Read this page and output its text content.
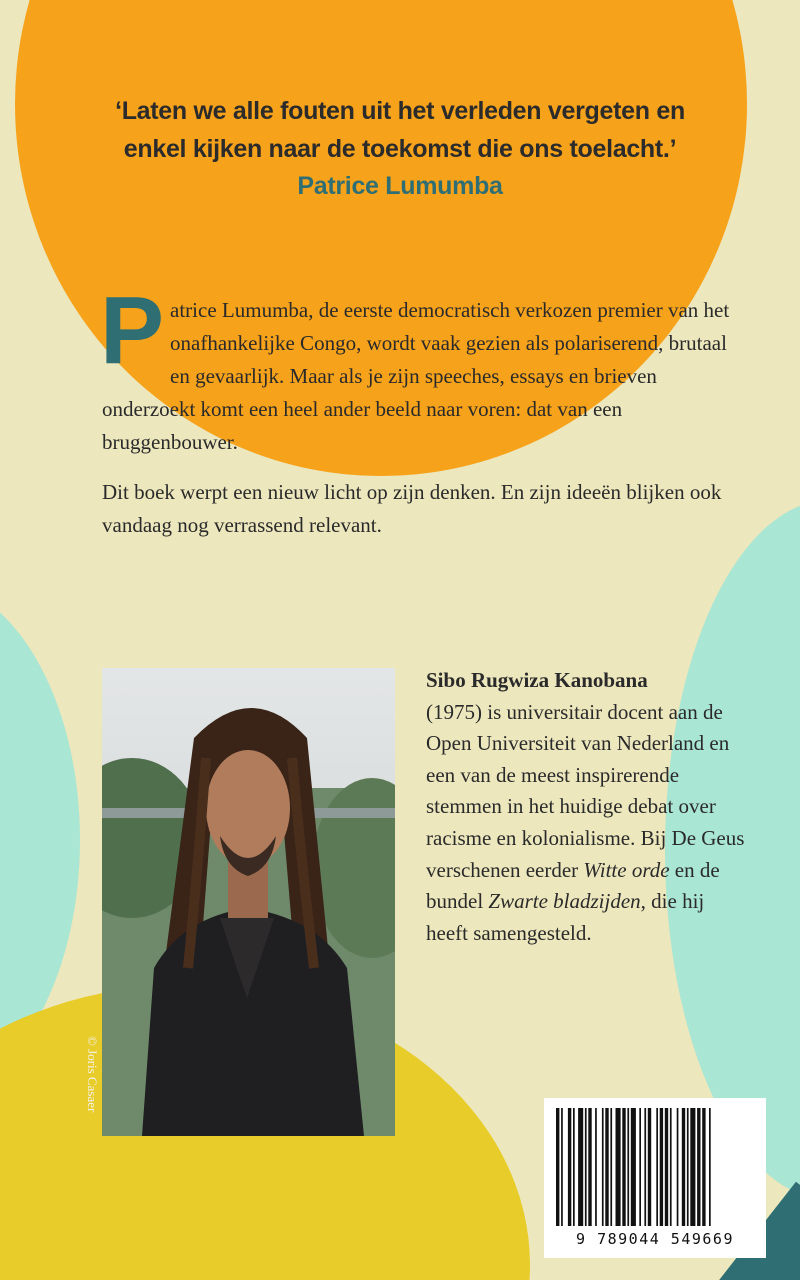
‘Laten we alle fouten uit het verleden vergeten en
enkel kijken naar de toekomst die ons toelacht.’
Patrice Lumumba

Patrice Lumumba, de eerste democratisch verkozen premier van het onafhankelijke Congo, wordt vaak gezien als polariserend, brutaal en gevaarlijk. Maar als je zijn speeches, essays en brieven onderzoekt komt een heel ander beeld naar voren: dat van een bruggenbouwer.

Dit boek werpt een nieuw licht op zijn denken. En zijn ideeën blijken ook vandaag nog verrassend relevant.

© Joris Casaer
Sibo Rugwiza Kanobana
(1975) is universitair docent aan de Open Universiteit van Nederland en een van de meest inspirerende stemmen in het huidige debat over racisme en kolonialisme. Bij De Geus verschenen eerder Witte orde en de bundel Zwarte bladzijden, die hij heeft samengesteld.
9 789044 549669
